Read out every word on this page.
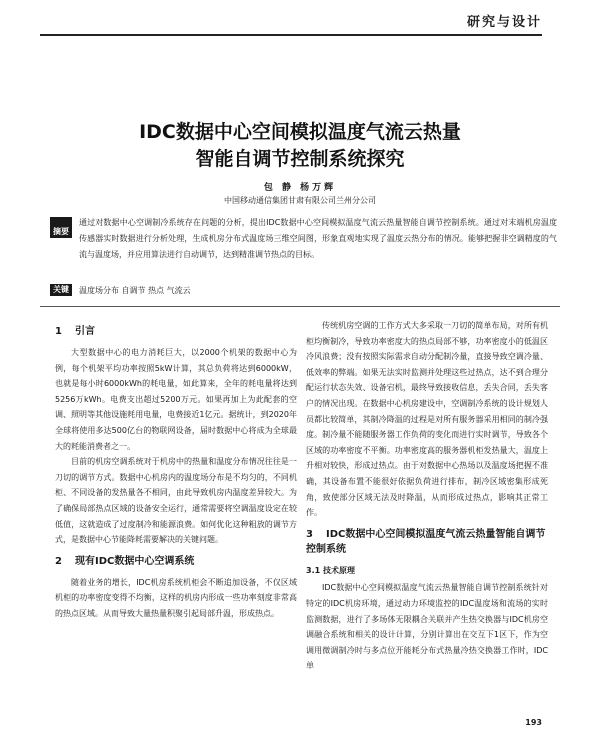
研究与设计
IDC数据中心空间模拟温度气流云热量
智能自调节控制系统探究
包 静 杨万辉
中国移动通信集团甘肃有限公司兰州分公司
摘要
通过对数据中心空调制冷系统存在问题的分析，提出IDC数据中心空间模拟温度气流云热量智能自调节控制系统。通过对末端机房温度传感器实时数据进行分析处理，生成机房分布式温度场三维空间图，形象直观地实现了温度云热分布的情况。能够把握非空调精度的气流与温度场，并应用算法进行自动调节，达到精准调节热点的目标。
关键词
温度场分布 自调节 热点 气流云
1 引言

大型数据中心的电力消耗巨大，以2000个机架的数据中心为例，每个机架平均功率按照5kW计算，其总负荷将达到6000kW，也就是每小时6000kWh的耗电量，如此算来，全年的耗电量将达到5256万kWh。电费支出超过5200万元。如果再加上为此配套的空调、照明等其他设施耗用电量，电费接近1亿元。据统计，到2020年全球将使用多达500亿台的物联网设备，届时数据中心将成为全球最大的耗能消费者之一。

目前的机房空调系统对于机房中的热量和温度分布情况往往是一刀切的调节方式。数据中心机房内的温度场分布是不均匀的，不同机柜、不同设备的发热量各不相同，由此导致机房内温度差异较大。为了确保局部热点区域的设备安全运行，通常需要将空调温度设定在较低值，这就造成了过度制冷和能源浪费。如何优化这种粗放的调节方式，是数据中心节能降耗需要解决的关键问题。

2 现有IDC数据中心空调系统

随着业务的增长，IDC机房系统机柜会不断追加设备，不仅区域机柜的功率密度变得不均衡，这样的机房内形成一些功率刻度非常高的热点区域。从而导致大量热量积聚引起局部升温，形成热点。

传统机房空调的工作方式大多采取一刀切的简单布局，对所有机柜均衡制冷，导致功率密度大的热点局部不够，功率密度小的低温区冷风浪费；没有按照实际需求自动分配制冷量，直接导致空调冷量、低效率的弊端。如果无法实时监测并处理这些过热点，达不到合理分配运行状态失效、设备宕机，最终导致接收信息，丢失合同，丢失客户的情况出现。在数据中心机房建设中，空调制冷系统的设计规划人员都比较简单，其制冷降温的过程是对所有服务器采用相同的制冷强度。制冷量不能随服务器工作负荷的变化而进行实时调节，导致各个区域的功率密度不平衡。功率密度高的服务器机柜发热量大，温度上升相对较快，形成过热点。由于对数据中心热场以及温度场把握不准确，其设备布置不能很好依据负荷进行排布，制冷区域密集形成死角，致使部分区域无法及时降温，从而形成过热点，影响其正常工作。

3 IDC数据中心空间模拟温度气流云热量智能自调节控制系统
3.1 技术原理

IDC数据中心空间模拟温度气流云热量智能自调节控制系统针对特定的IDC机房环境，通过动力环境监控的IDC温度场和流场的实时监测数据，进行了多场体无限耦合关联并产生热交换器与IDC机房空调融合系统和相关的设计计算，分别计算出在交互下1区下，作为空调用微调制冷时与多点位开能耗分布式热量冷热交换器工作时，IDC单

193
